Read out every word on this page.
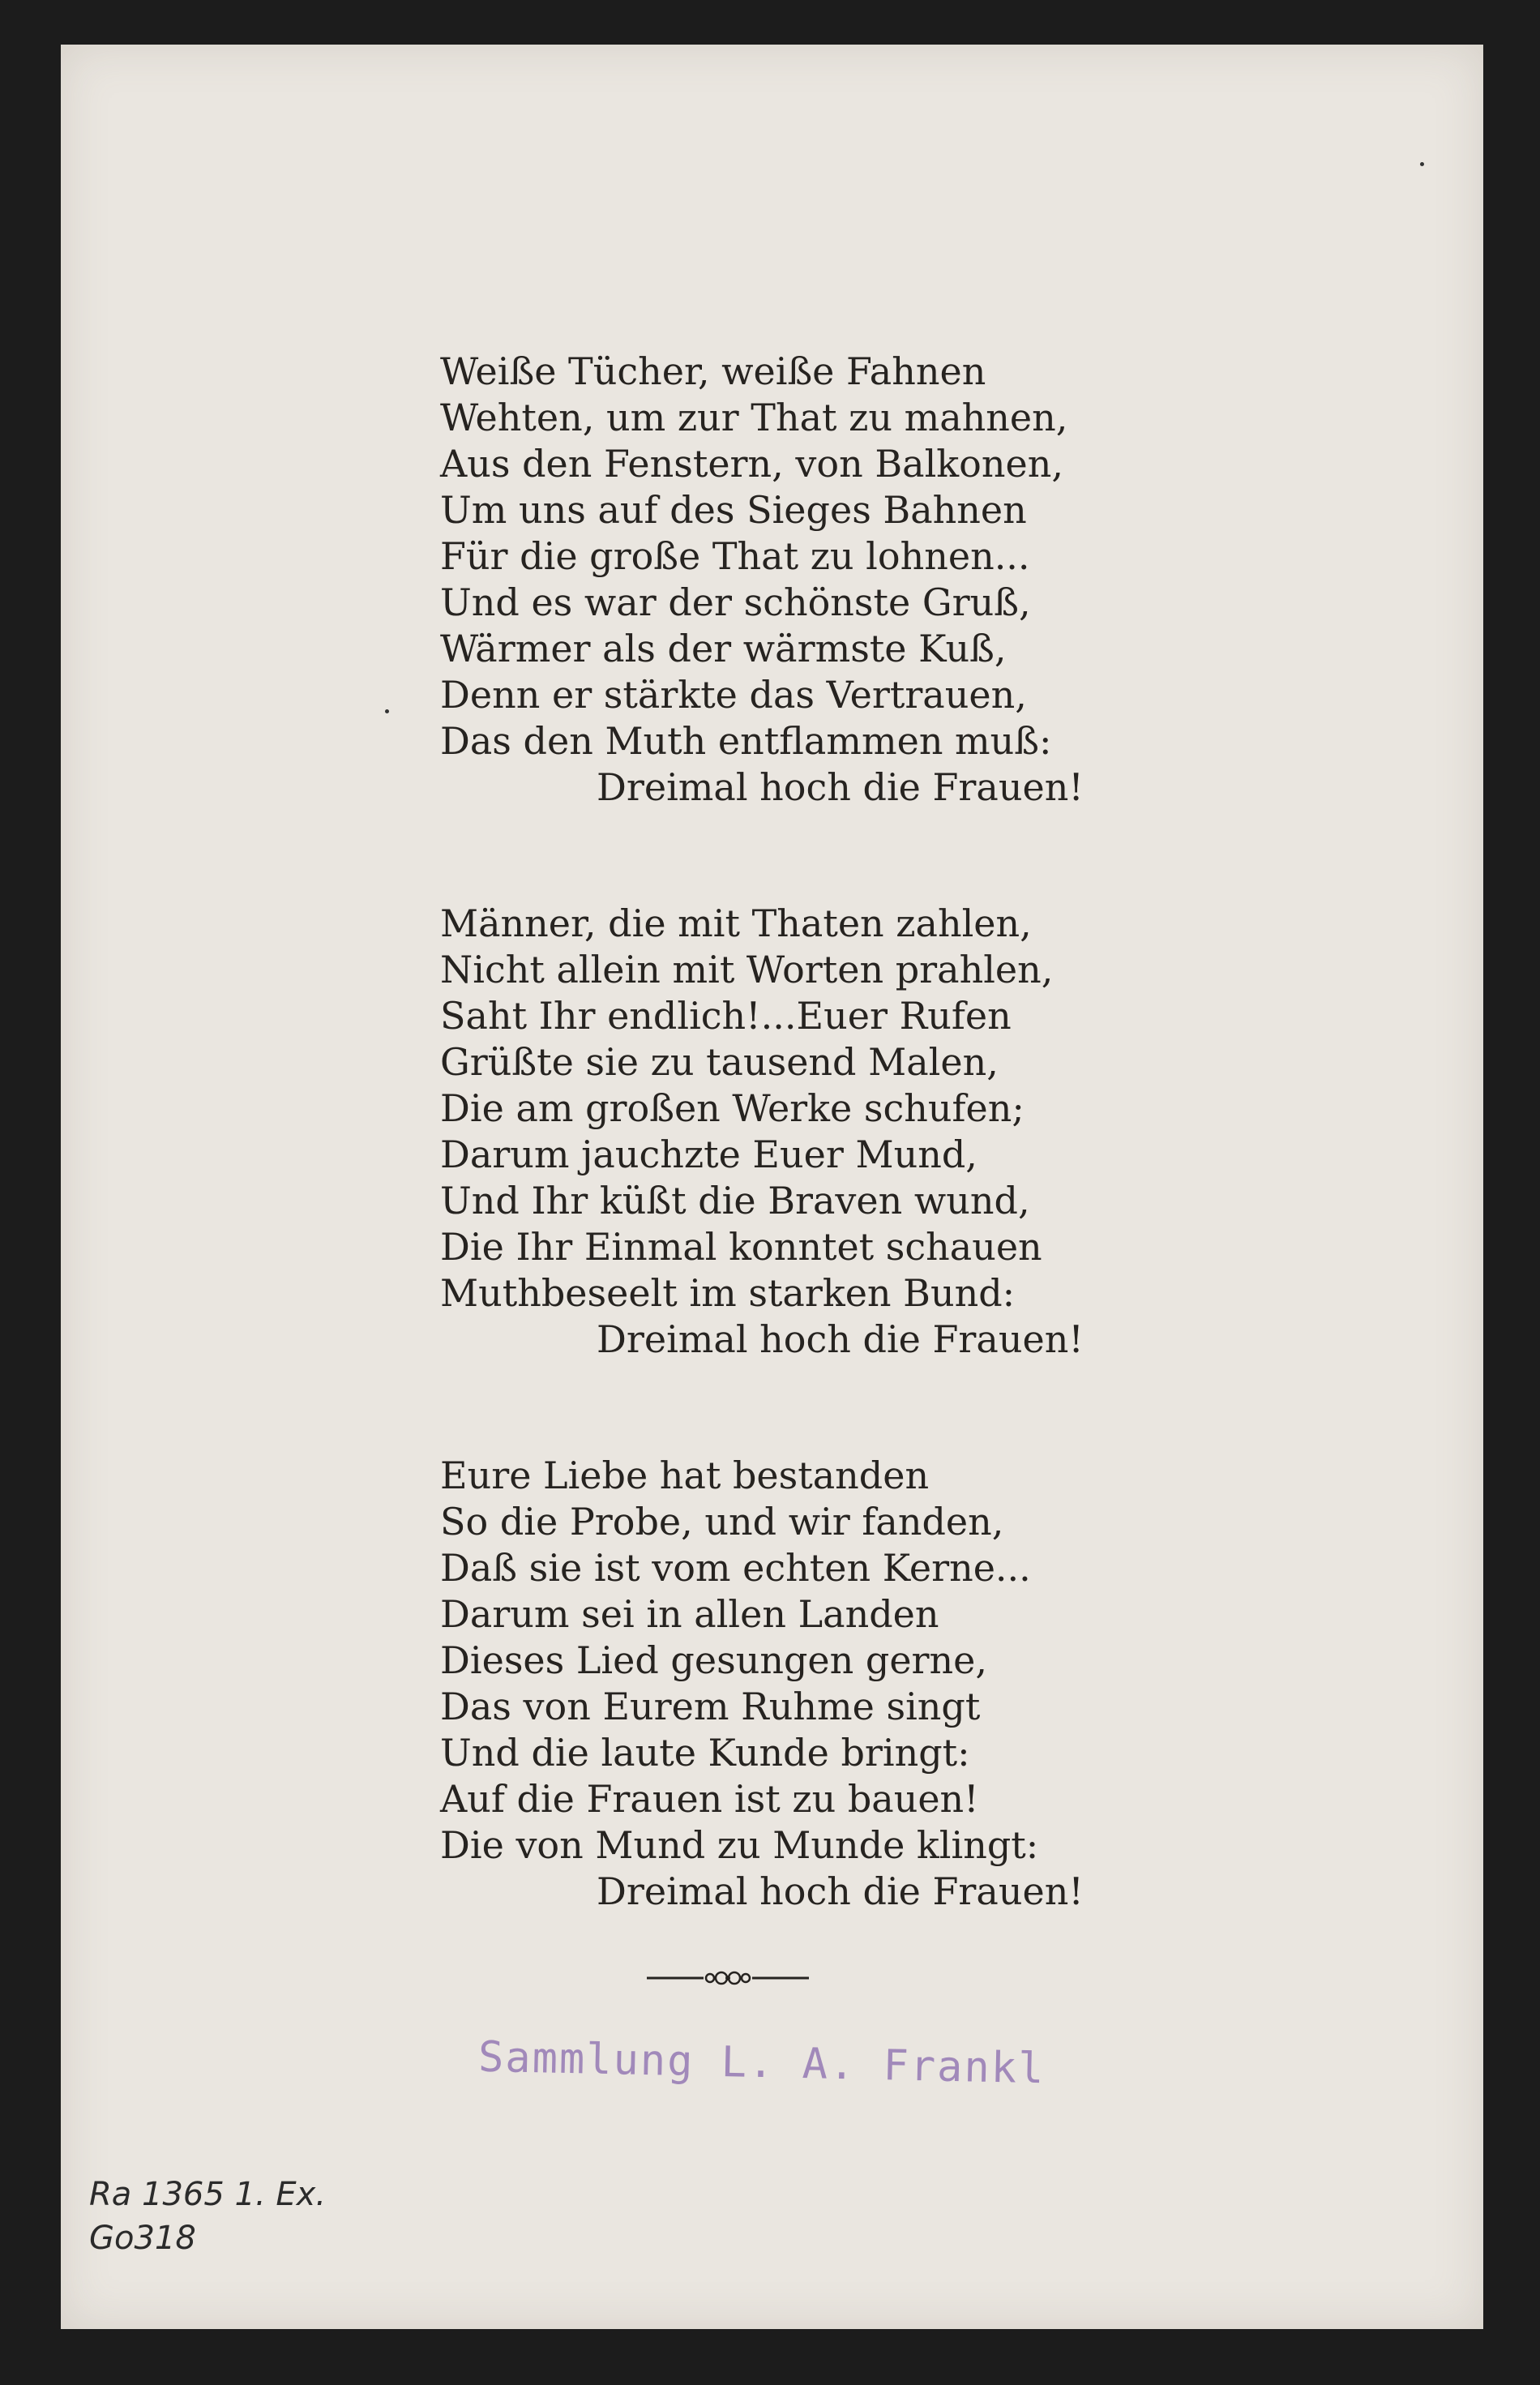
Weiße Tücher, weiße Fahnen
Wehten, um zur That zu mahnen,
Aus den Fenstern, von Balkonen,
Um uns auf des Sieges Bahnen
Für die große That zu lohnen...
Und es war der schönste Gruß,
Wärmer als der wärmste Kuß,
Denn er stärkte das Vertrauen,
Das den Muth entflammen muß:
Dreimal hoch die Frauen!
Männer, die mit Thaten zahlen,
Nicht allein mit Worten prahlen,
Saht Ihr endlich!...Euer Rufen
Grüßte sie zu tausend Malen,
Die am großen Werke schufen;
Darum jauchzte Euer Mund,
Und Ihr küßt die Braven wund,
Die Ihr Einmal konntet schauen
Muthbeseelt im starken Bund:
Dreimal hoch die Frauen!
Eure Liebe hat bestanden
So die Probe, und wir fanden,
Daß sie ist vom echten Kerne...
Darum sei in allen Landen
Dieses Lied gesungen gerne,
Das von Eurem Ruhme singt
Und die laute Kunde bringt:
Auf die Frauen ist zu bauen!
Die von Mund zu Munde klingt:
Dreimal hoch die Frauen!
Sammlung L. A. Frankl
Ra 1365 1. Ex.
Go318
